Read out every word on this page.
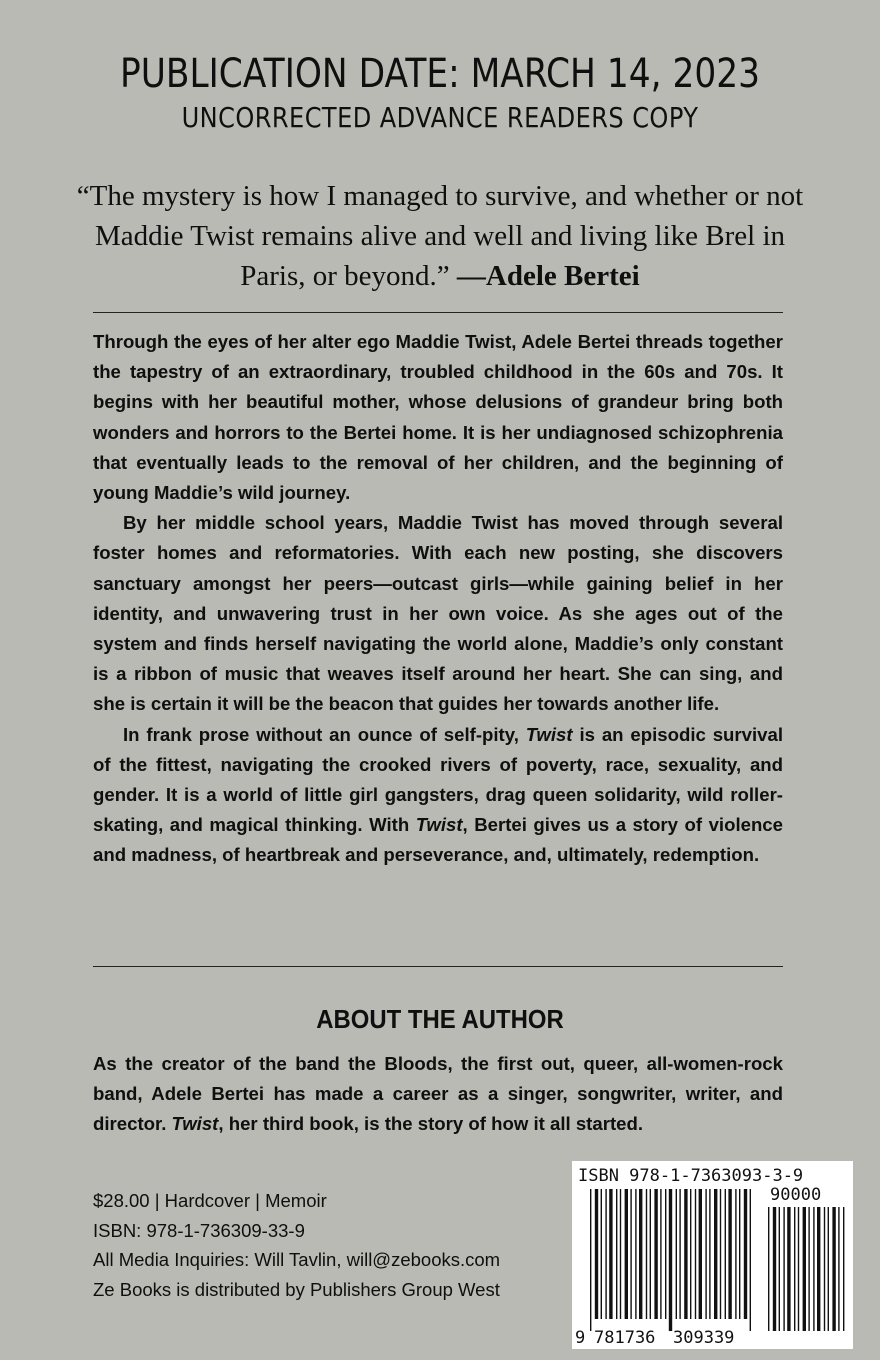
PUBLICATION DATE: MARCH 14, 2023
UNCORRECTED ADVANCE READERS COPY
“The mystery is how I managed to survive, and whether or not Maddie Twist remains alive and well and living like Brel in Paris, or beyond.” —Adele Bertei

Through the eyes of her alter ego Maddie Twist, Adele Bertei threads together the tapestry of an extraordinary, troubled childhood in the 60s and 70s. It begins with her beautiful mother, whose delusions of grandeur bring both wonders and horrors to the Bertei home. It is her undiagnosed schizophrenia that eventually leads to the removal of her children, and the beginning of young Maddie’s wild journey.

By her middle school years, Maddie Twist has moved through several foster homes and reformatories. With each new posting, she discovers sanctuary amongst her peers—outcast girls—while gaining belief in her identity, and unwavering trust in her own voice. As she ages out of the system and finds herself navigating the world alone, Maddie’s only constant is a ribbon of music that weaves itself around her heart. She can sing, and she is certain it will be the beacon that guides her towards another life.

In frank prose without an ounce of self-pity, Twist is an episodic survival of the fittest, navigating the crooked rivers of poverty, race, sexuality, and gender. It is a world of little girl gangsters, drag queen solidarity, wild roller-skating, and magical thinking. With Twist, Bertei gives us a story of violence and madness, of heartbreak and perseverance, and, ultimately, redemption.

ABOUT THE AUTHOR

As the creator of the band the Bloods, the first out, queer, all-women-rock band, Adele Bertei has made a career as a singer, songwriter, writer, and director. Twist, her third book, is the story of how it all started.

$28.00 | Hardcover | Memoir
ISBN: 978-1-736309-33-9
All Media Inquiries: Will Tavlin, will@zebooks.com
Ze Books is distributed by Publishers Group West
ISBN 978-1-7363093-3-9
90000
9 781736 309339
